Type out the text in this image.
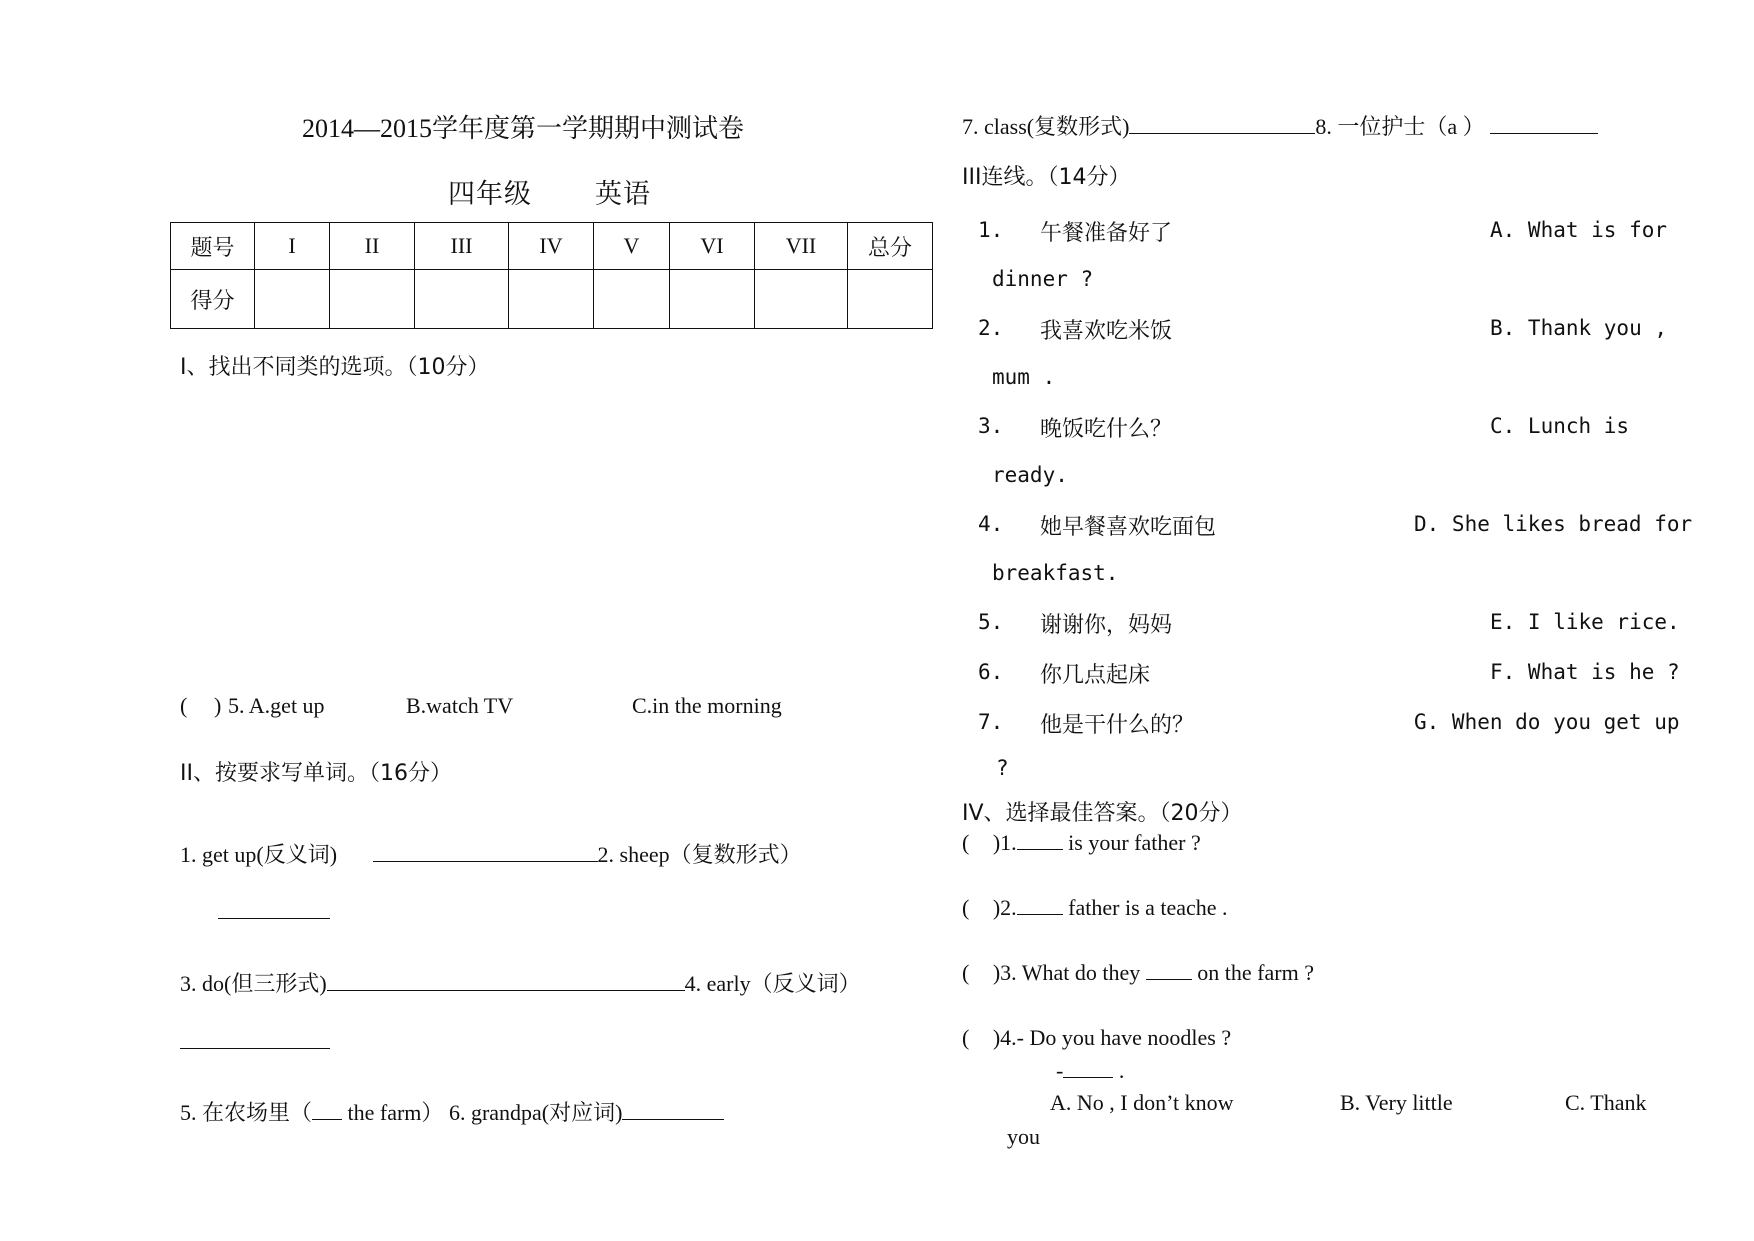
2014—2015学年度第一学期期中测试卷
四年级 英语
题号	I	II	III	IV	V	VI	VII	总分
得分								
I、找出不同类的选项。（10分）
( ) 5. A.get up	B.watch TV	C.in the morning
II、按要求写单词。（16分）
1. get up(反义词)	2. sheep（复数形式）
3. do(但三形式)	4. early（反义词）
5. 在农场里（ the farm） 6. grandpa(对应词)
7. class(复数形式)	8. 一位护士（a ）
III连线。（14分）
1. 午餐准备好了	A. What is for
dinner ?
2. 我喜欢吃米饭	B. Thank you ,
mum .
3. 晚饭吃什么？	C. Lunch is
ready.
4. 她早餐喜欢吃面包	D. She likes bread for
breakfast.
5. 谢谢你，妈妈	E. I like rice.
6. 你几点起床	F. What is he ?
7. 他是干什么的？	G. When do you get up
?
IV、选择最佳答案。（20分）
( )1. is your father ?
( )2. father is a teache .
( )3. What do they	on the farm ?
( )4.- Do you have noodles ?
-	.
A. No , I don’t know	B. Very little	C. Thank
you
